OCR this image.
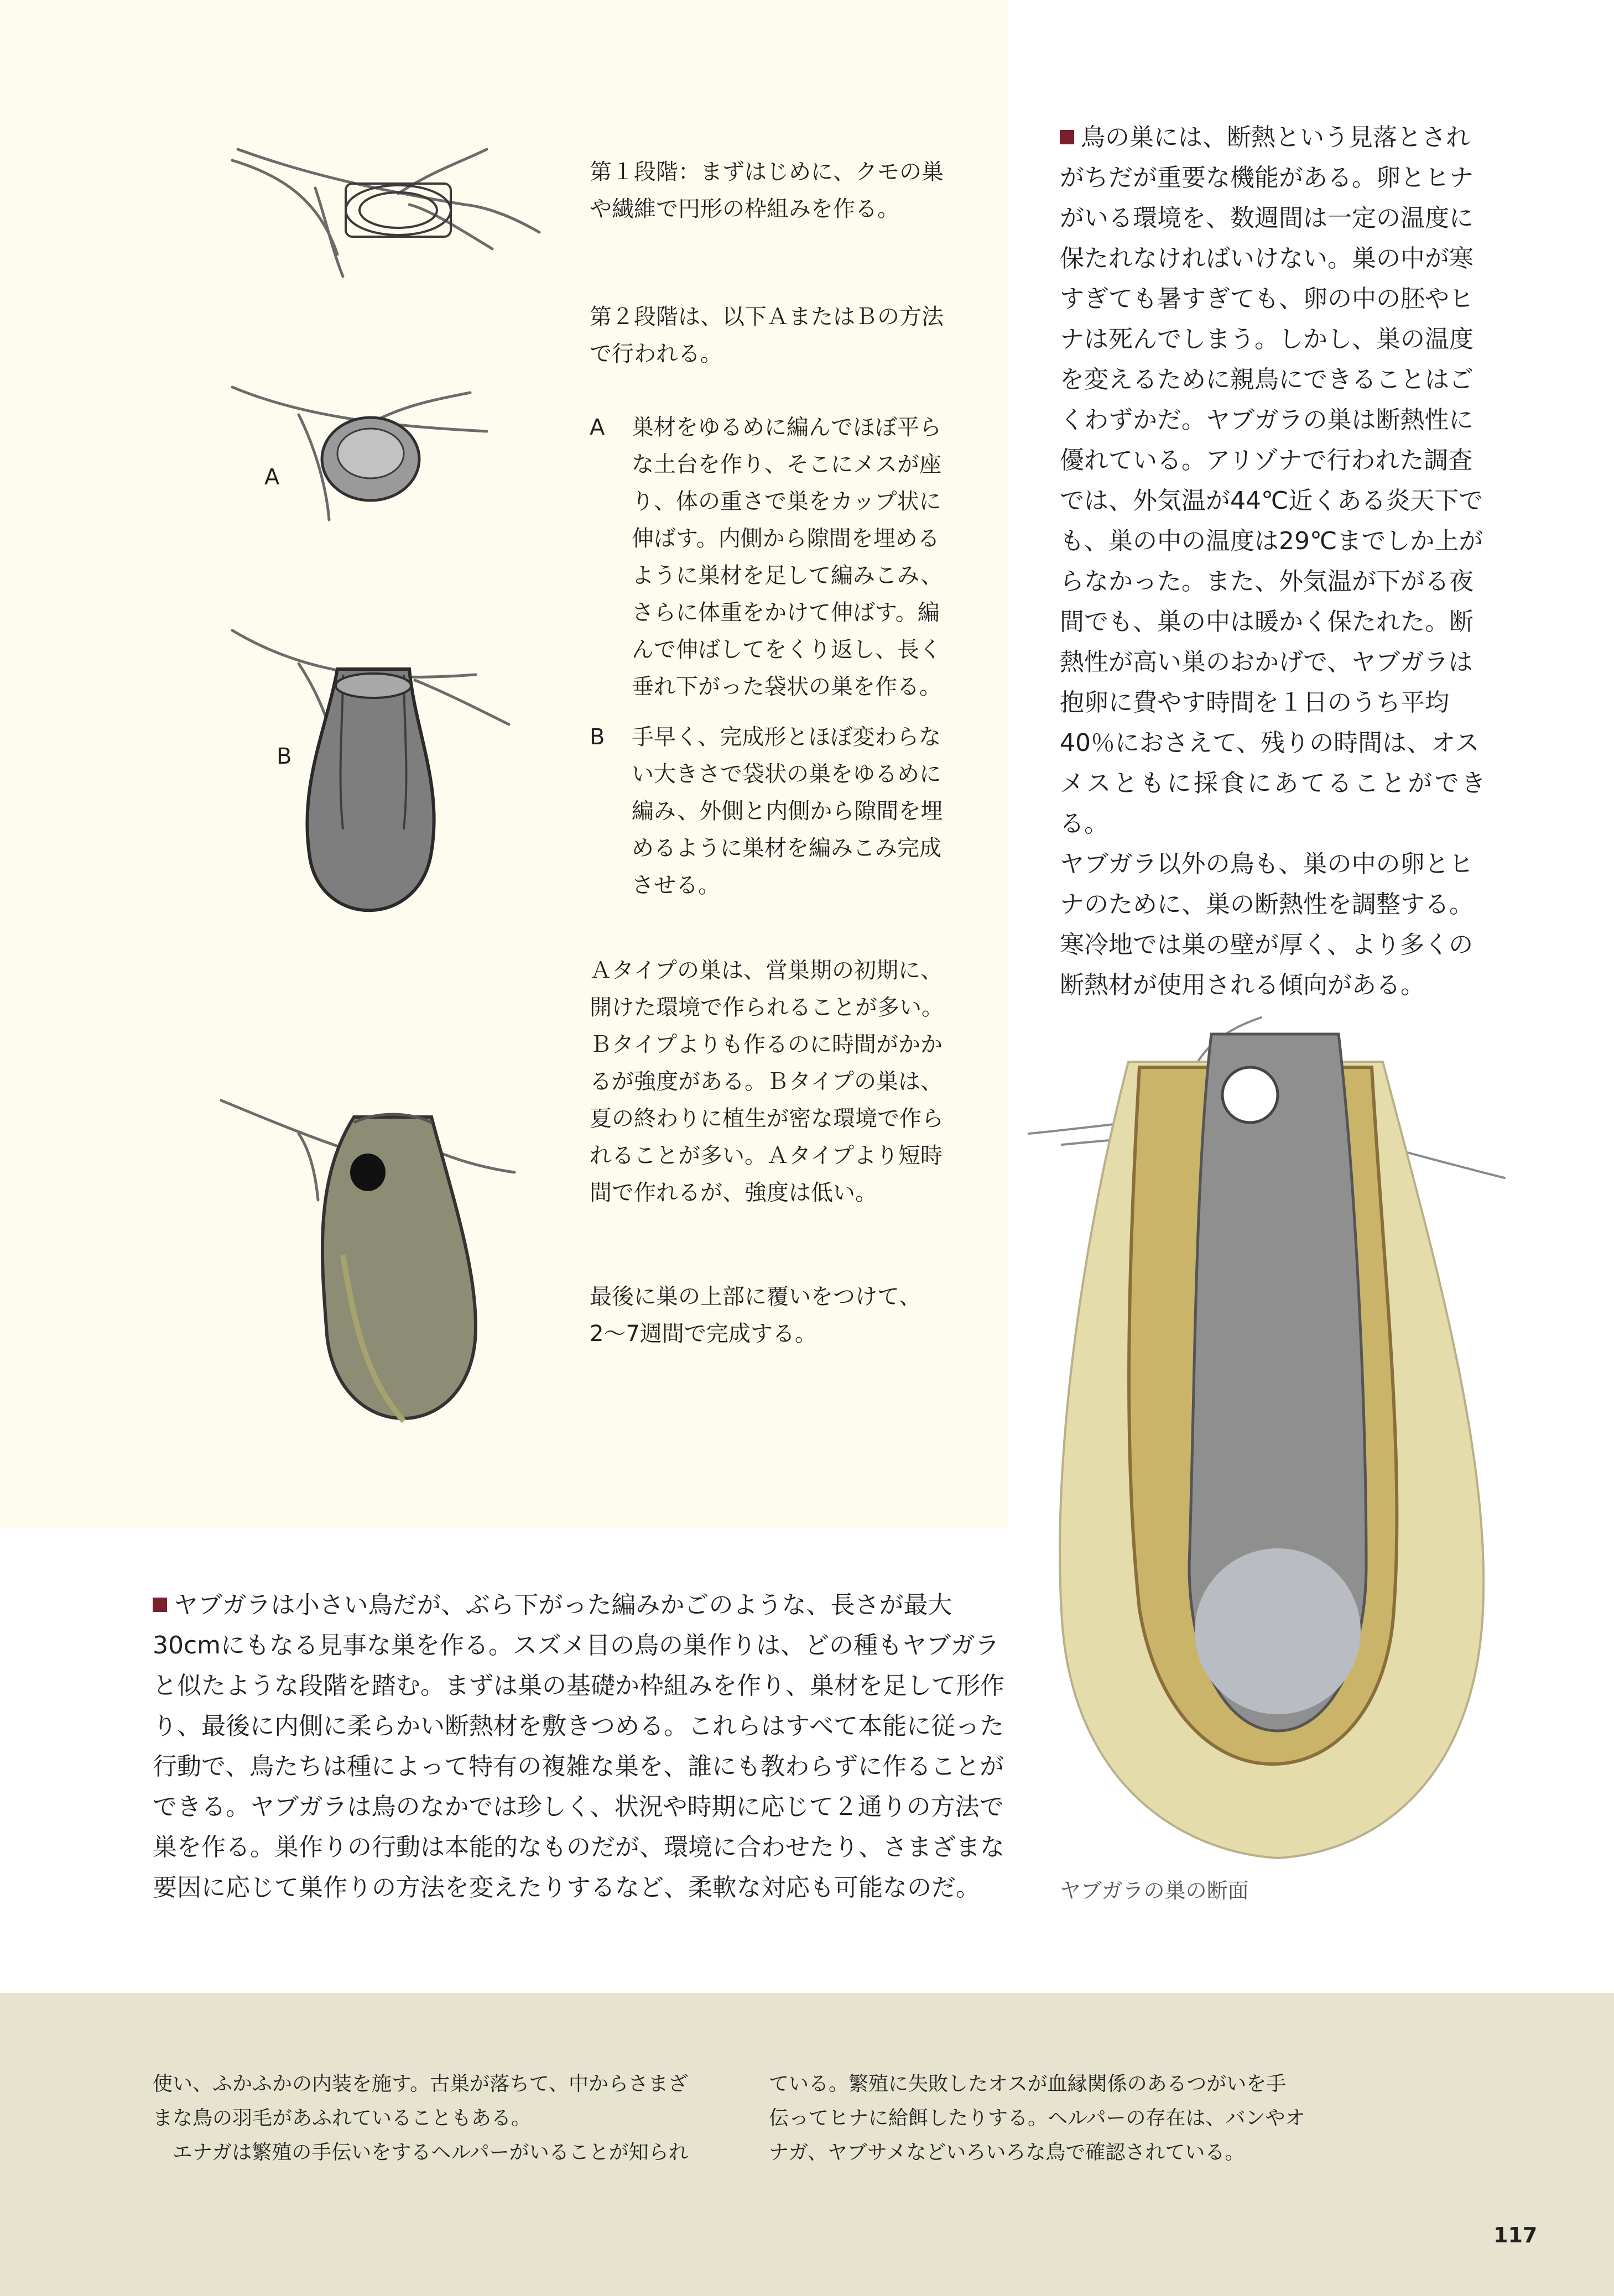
A
B

第１段階：まずはじめに、クモの巣
や繊維で円形の枠組みを作る。

第２段階は、以下ＡまたはＢの方法
で行われる。

A 巣材をゆるめに編んでほぼ平ら
な土台を作り、そこにメスが座
り、体の重さで巣をカップ状に
伸ばす。内側から隙間を埋める
ように巣材を足して編みこみ、
さらに体重をかけて伸ばす。編
んで伸ばしてをくり返し、長く
垂れ下がった袋状の巣を作る。
B 手早く、完成形とほぼ変わらな
い大きさで袋状の巣をゆるめに
編み、外側と内側から隙間を埋
めるように巣材を編みこみ完成
させる。

Ａタイプの巣は、営巣期の初期に、
開けた環境で作られることが多い。
Ｂタイプよりも作るのに時間がかか
るが強度がある。Ｂタイプの巣は、
夏の終わりに植生が密な環境で作ら
れることが多い。Ａタイプより短時
間で作れるが、強度は低い。

最後に巣の上部に覆いをつけて、
2〜7週間で完成する。

鳥の巣には、断熱という見落とされ
がちだが重要な機能がある。卵とヒナ
がいる環境を、数週間は一定の温度に
保たれなければいけない。巣の中が寒
すぎても暑すぎても、卵の中の胚やヒ
ナは死んでしまう。しかし、巣の温度
を変えるために親鳥にできることはご
くわずかだ。ヤブガラの巣は断熱性に
優れている。アリゾナで行われた調査
では、外気温が44℃近くある炎天下で
も、巣の中の温度は29℃までしか上が
らなかった。また、外気温が下がる夜
間でも、巣の中は暖かく保たれた。断
熱性が高い巣のおかげで、ヤブガラは
抱卵に費やす時間を１日のうち平均
40％におさえて、残りの時間は、オス
メスともに採食にあてることができる。
ヤブガラ以外の鳥も、巣の中の卵とヒ
ナのために、巣の断熱性を調整する。
寒冷地では巣の壁が厚く、より多くの
断熱材が使用される傾向がある。

ヤブガラの巣の断面

ヤブガラは小さい鳥だが、ぶら下がった編みかごのような、長さが最大
30cmにもなる見事な巣を作る。スズメ目の鳥の巣作りは、どの種もヤブガラ
と似たような段階を踏む。まずは巣の基礎か枠組みを作り、巣材を足して形作
り、最後に内側に柔らかい断熱材を敷きつめる。これらはすべて本能に従った
行動で、鳥たちは種によって特有の複雑な巣を、誰にも教わらずに作ることが
できる。ヤブガラは鳥のなかでは珍しく、状況や時期に応じて２通りの方法で
巣を作る。巣作りの行動は本能的なものだが、環境に合わせたり、さまざまな
要因に応じて巣作りの方法を変えたりするなど、柔軟な対応も可能なのだ。

使い、ふかふかの内装を施す。古巣が落ちて、中からさまざ
まな鳥の羽毛があふれていることもある。
　エナガは繁殖の手伝いをするヘルパーがいることが知られ

ている。繁殖に失敗したオスが血縁関係のあるつがいを手
伝ってヒナに給餌したりする。ヘルパーの存在は、バンやオ
ナガ、ヤブサメなどいろいろな鳥で確認されている。

117
